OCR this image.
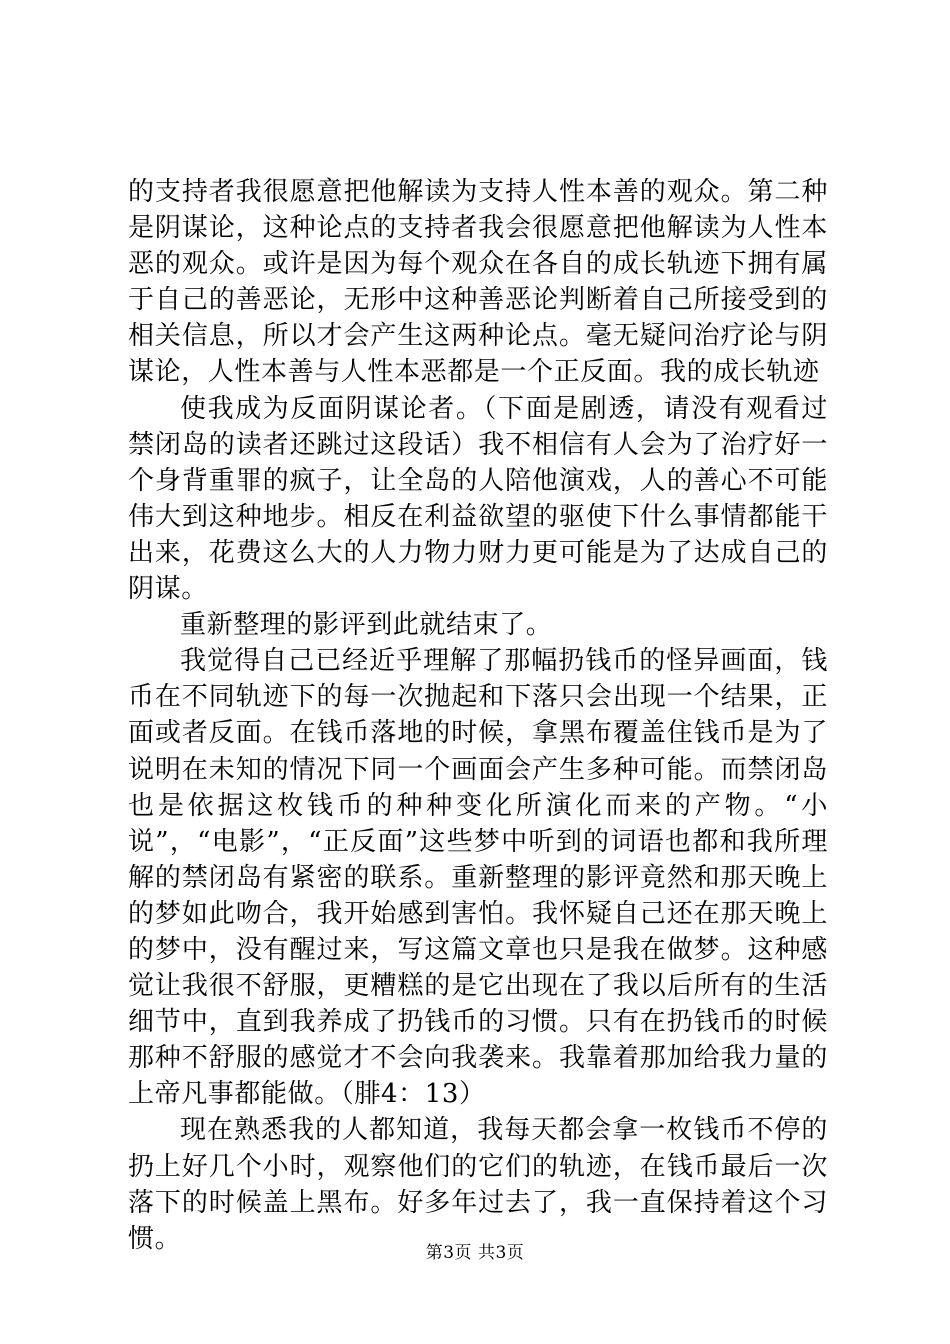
的支持者我很愿意把他解读为支持人性本善的观众。第二种是阴谋论，这种论点的支持者我会很愿意把他解读为人性本恶的观众。或许是因为每个观众在各自的成长轨迹下拥有属于自己的善恶论，无形中这种善恶论判断着自己所接受到的相关信息，所以才会产生这两种论点。毫无疑问治疗论与阴谋论，人性本善与人性本恶都是一个正反面。我的成长轨迹

使我成为反面阴谋论者。（下面是剧透，请没有观看过禁闭岛的读者还跳过这段话）我不相信有人会为了治疗好一个身背重罪的疯子，让全岛的人陪他演戏，人的善心不可能伟大到这种地步。相反在利益欲望的驱使下什么事情都能干出来，花费这么大的人力物力财力更可能是为了达成自己的阴谋。

重新整理的影评到此就结束了。

我觉得自己已经近乎理解了那幅扔钱币的怪异画面，钱币在不同轨迹下的每一次抛起和下落只会出现一个结果，正面或者反面。在钱币落地的时候，拿黑布覆盖住钱币是为了说明在未知的情况下同一个画面会产生多种可能。而禁闭岛也是依据这枚钱币的种种变化所演化而来的产物。“小说”，“电影”，“正反面”这些梦中听到的词语也都和我所理解的禁闭岛有紧密的联系。重新整理的影评竟然和那天晚上的梦如此吻合，我开始感到害怕。我怀疑自己还在那天晚上的梦中，没有醒过来，写这篇文章也只是我在做梦。这种感觉让我很不舒服，更糟糕的是它出现在了我以后所有的生活细节中，直到我养成了扔钱币的习惯。只有在扔钱币的时候那种不舒服的感觉才不会向我袭来。我靠着那加给我力量的上帝凡事都能做。（腓4：13）

现在熟悉我的人都知道，我每天都会拿一枚钱币不停的扔上好几个小时，观察他们的它们的轨迹，在钱币最后一次落下的时候盖上黑布。好多年过去了，我一直保持着这个习惯。	第3页 共3页
